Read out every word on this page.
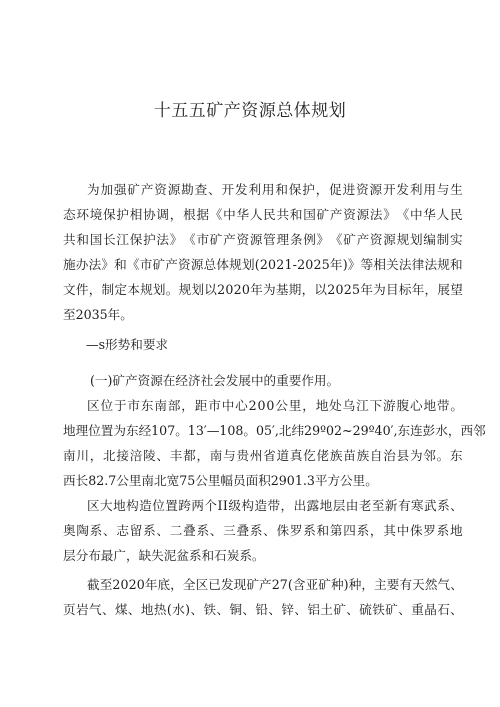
十五五矿产资源总体规划
为 加 强 矿 产 资 源 勘 查 、 开 发 利 用 和 保 护 ， 促 进 资 源 开 发 利 用 与 生
态 环 境 保 护 相 协 调 ， 根 据 《 中 华 人 民 共 和 国 矿 产 资 源 法 》 《 中 华 人 民
共 和 国 长 江 保 护 法 》 《 市 矿 产 资 源 管 理 条 例 》 《 矿 产 资 源 规 划 编 制 实
施 办 法 》 和 《 市 矿 产 资 源 总 体 规 划 ( 2 0 2 1 - 2 0 2 5 年 ) 》 等 相 关 法 律 法 规 和
文 件 ， 制 定 本 规 划 。 规 划 以 2 0 2 0 年 为 基 期 ， 以 2 0 2 5 年 为 目 标 年 ， 展 望
至2035年。
—s形势和要求
(一)矿产资源在经济社会发展中的重要作用。
区 位 于 市 东 南 部 ， 距 市 中 心 2 0 0 公 里 ， 地 处 乌 江 下 游 腹 心 地 带 。
地 理 位 置 为 东 经 1 0 7 。 1 3 ′ — 1 0 8 。 0 5 ′ , 北 纬 2 9 º 0 2 ~ 2 9 º 4 0 ′ , 东 连 彭 水 ， 西 邻
南 川 ， 北 接 涪 陵 、 丰 都 ， 南 与 贵 州 省 道 真 仡 佬 族 苗 族 自 治 县 为 邻 。 东
西长82.7公里南北宽75公里幅员面积2901.3平方公里。
区 大 地 构 造 位 置 跨 两 个 I I 级 构 造 带 ， 出 露 地 层 由 老 至 新 有 寒 武 系 、
奥 陶 系 、 志 留 系 、 二 叠 系 、 三 叠 系 、 侏 罗 系 和 第 四 系 ， 其 中 侏 罗 系 地
层分布最广，缺失泥盆系和石炭系。
截 至 2 0 2 0 年 底 ， 全 区 已 发 现 矿 产 2 7 ( 含 亚 矿 种 ) 种 ， 主 要 有 天 然 气 、
页 岩 气 、 煤 、 地 热 ( 水 ) 、 铁 、 铜 、 铅 、 锌 、 铝 土 矿 、 硫 铁 矿 、 重 晶 石 、
